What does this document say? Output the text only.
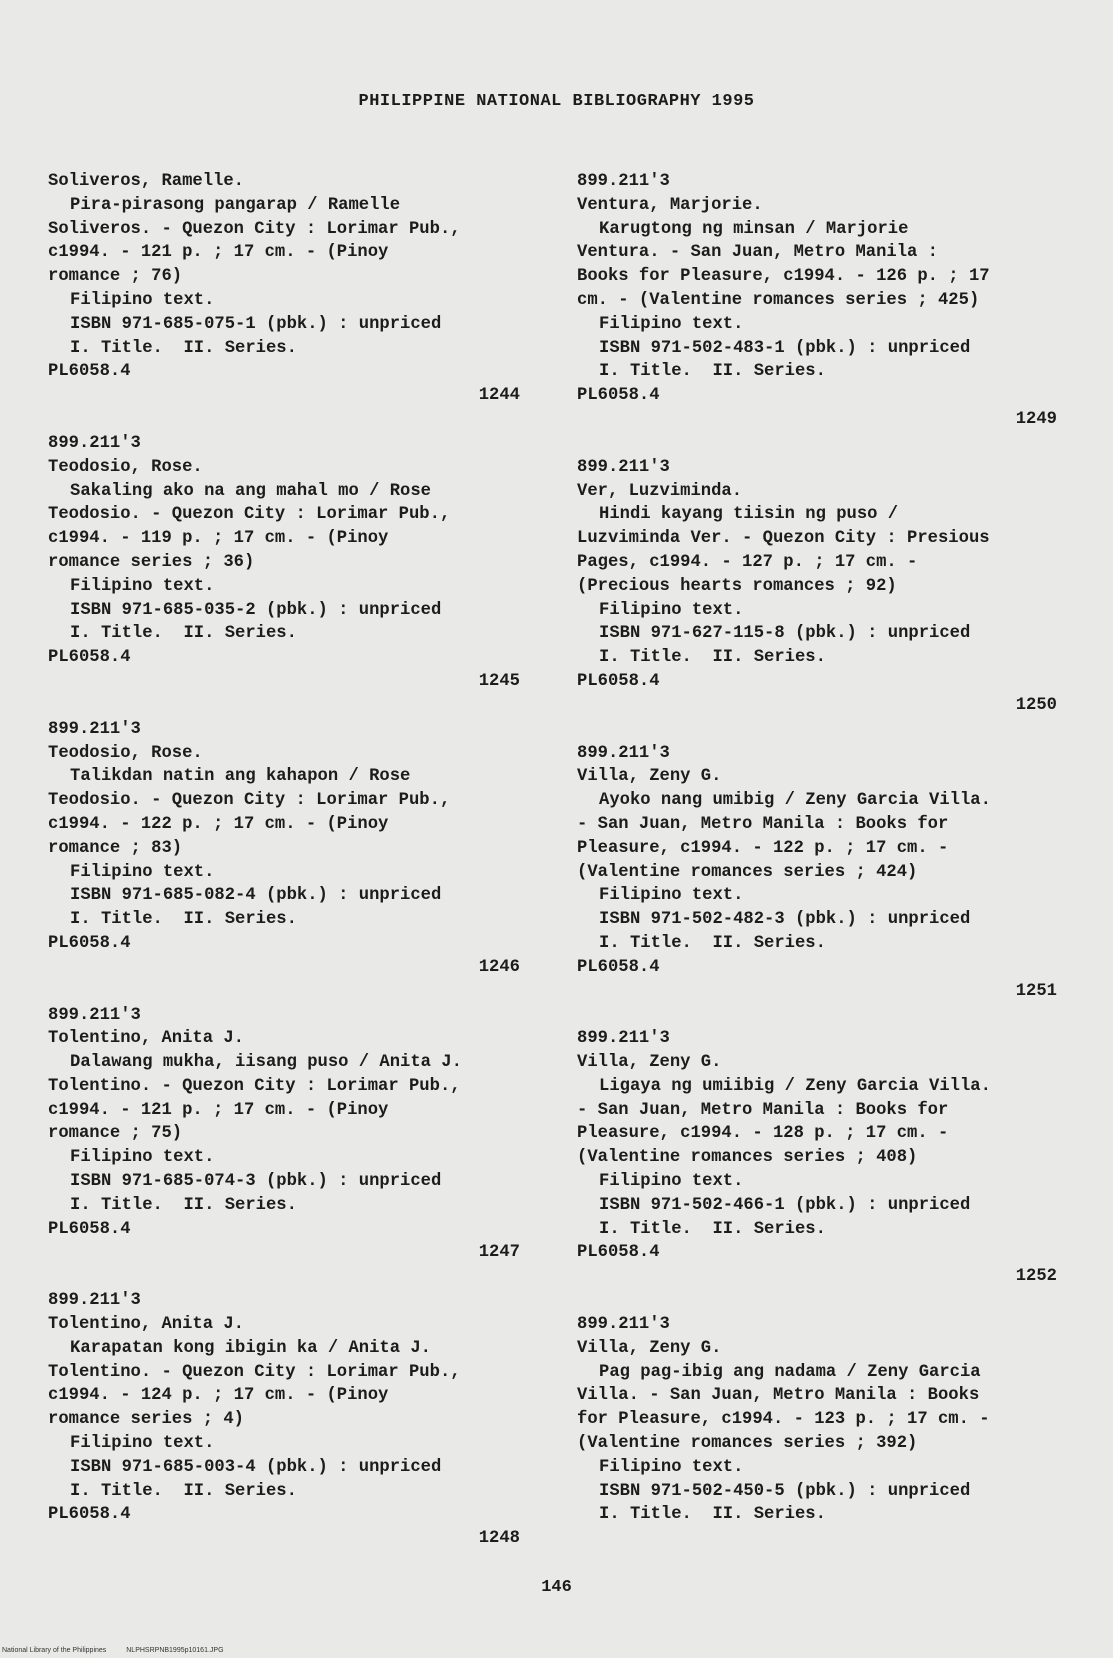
PHILIPPINE NATIONAL BIBLIOGRAPHY 1995
Soliveros, Ramelle.
Pira-pirasong pangarap / Ramelle
Soliveros. - Quezon City : Lorimar Pub.,
c1994. - 121 p. ; 17 cm. - (Pinoy
romance ; 76)
Filipino text.
ISBN 971-685-075-1 (pbk.) : unpriced
I. Title.  II. Series.
PL6058.4
1244
899.211'3
Teodosio, Rose.
Sakaling ako na ang mahal mo / Rose
Teodosio. - Quezon City : Lorimar Pub.,
c1994. - 119 p. ; 17 cm. - (Pinoy
romance series ; 36)
Filipino text.
ISBN 971-685-035-2 (pbk.) : unpriced
I. Title.  II. Series.
PL6058.4
1245
899.211'3
Teodosio, Rose.
Talikdan natin ang kahapon / Rose
Teodosio. - Quezon City : Lorimar Pub.,
c1994. - 122 p. ; 17 cm. - (Pinoy
romance ; 83)
Filipino text.
ISBN 971-685-082-4 (pbk.) : unpriced
I. Title.  II. Series.
PL6058.4
1246
899.211'3
Tolentino, Anita J.
Dalawang mukha, iisang puso / Anita J.
Tolentino. - Quezon City : Lorimar Pub.,
c1994. - 121 p. ; 17 cm. - (Pinoy
romance ; 75)
Filipino text.
ISBN 971-685-074-3 (pbk.) : unpriced
I. Title.  II. Series.
PL6058.4
1247
899.211'3
Tolentino, Anita J.
Karapatan kong ibigin ka / Anita J.
Tolentino. - Quezon City : Lorimar Pub.,
c1994. - 124 p. ; 17 cm. - (Pinoy
romance series ; 4)
Filipino text.
ISBN 971-685-003-4 (pbk.) : unpriced
I. Title.  II. Series.
PL6058.4
1248
899.211'3
Ventura, Marjorie.
Karugtong ng minsan / Marjorie
Ventura. - San Juan, Metro Manila :
Books for Pleasure, c1994. - 126 p. ; 17
cm. - (Valentine romances series ; 425)
Filipino text.
ISBN 971-502-483-1 (pbk.) : unpriced
I. Title.  II. Series.
PL6058.4
1249
899.211'3
Ver, Luzviminda.
Hindi kayang tiisin ng puso /
Luzviminda Ver. - Quezon City : Presious
Pages, c1994. - 127 p. ; 17 cm. -
(Precious hearts romances ; 92)
Filipino text.
ISBN 971-627-115-8 (pbk.) : unpriced
I. Title.  II. Series.
PL6058.4
1250
899.211'3
Villa, Zeny G.
Ayoko nang umibig / Zeny Garcia Villa.
- San Juan, Metro Manila : Books for
Pleasure, c1994. - 122 p. ; 17 cm. -
(Valentine romances series ; 424)
Filipino text.
ISBN 971-502-482-3 (pbk.) : unpriced
I. Title.  II. Series.
PL6058.4
1251
899.211'3
Villa, Zeny G.
Ligaya ng umiibig / Zeny Garcia Villa.
- San Juan, Metro Manila : Books for
Pleasure, c1994. - 128 p. ; 17 cm. -
(Valentine romances series ; 408)
Filipino text.
ISBN 971-502-466-1 (pbk.) : unpriced
I. Title.  II. Series.
PL6058.4
1252
899.211'3
Villa, Zeny G.
Pag pag-ibig ang nadama / Zeny Garcia
Villa. - San Juan, Metro Manila : Books
for Pleasure, c1994. - 123 p. ; 17 cm. -
(Valentine romances series ; 392)
Filipino text.
ISBN 971-502-450-5 (pbk.) : unpriced
I. Title.  II. Series.
146
National Library of the Philippines	NLPHSRPNB1995p10161.JPG
